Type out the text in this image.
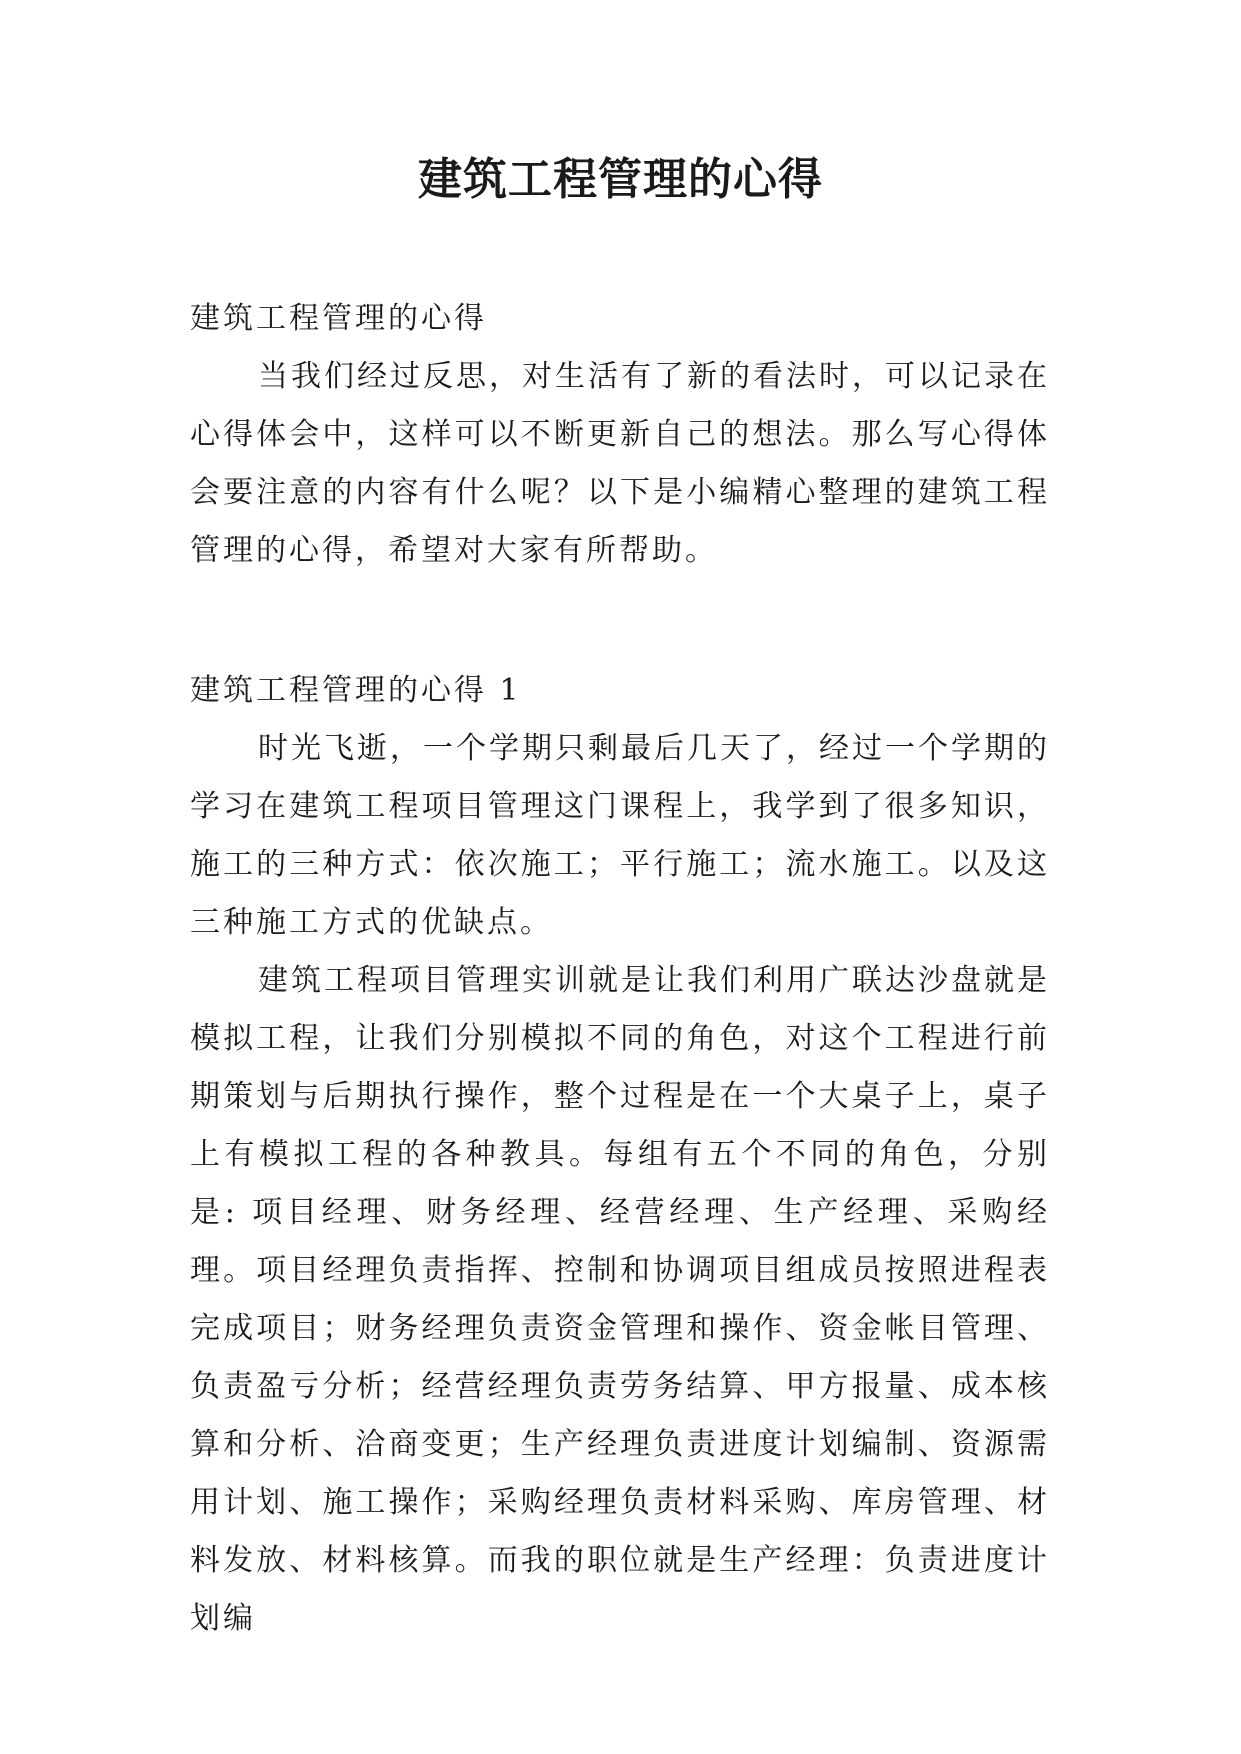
建筑工程管理的心得

建筑工程管理的心得

当我们经过反思，对生活有了新的看法时，可以记录在心得体会中，这样可以不断更新自己的想法。那么写心得体会要注意的内容有什么呢？以下是小编精心整理的建筑工程管理的心得，希望对大家有所帮助。

建筑工程管理的心得 1

时光飞逝，一个学期只剩最后几天了，经过一个学期的学习在建筑工程项目管理这门课程上，我学到了很多知识，施工的三种方式：依次施工；平行施工；流水施工。以及这三种施工方式的优缺点。

建筑工程项目管理实训就是让我们利用广联达沙盘就是模拟工程，让我们分别模拟不同的角色，对这个工程进行前期策划与后期执行操作，整个过程是在一个大桌子上，桌子上有模拟工程的各种教具。每组有五个不同的角色，分别是: 项目经理、财务经理、经营经理、生产经理、采购经理。项目经理负责指挥、控制和协调项目组成员按照进程表完成项目；财务经理负责资金管理和操作、资金帐目管理、负责盈亏分析；经营经理负责劳务结算、甲方报量、成本核算和分析、洽商变更；生产经理负责进度计划编制、资源需用计划、施工操作；采购经理负责材料采购、库房管理、材料发放、材料核算。而我的职位就是生产经理：负责进度计划编
